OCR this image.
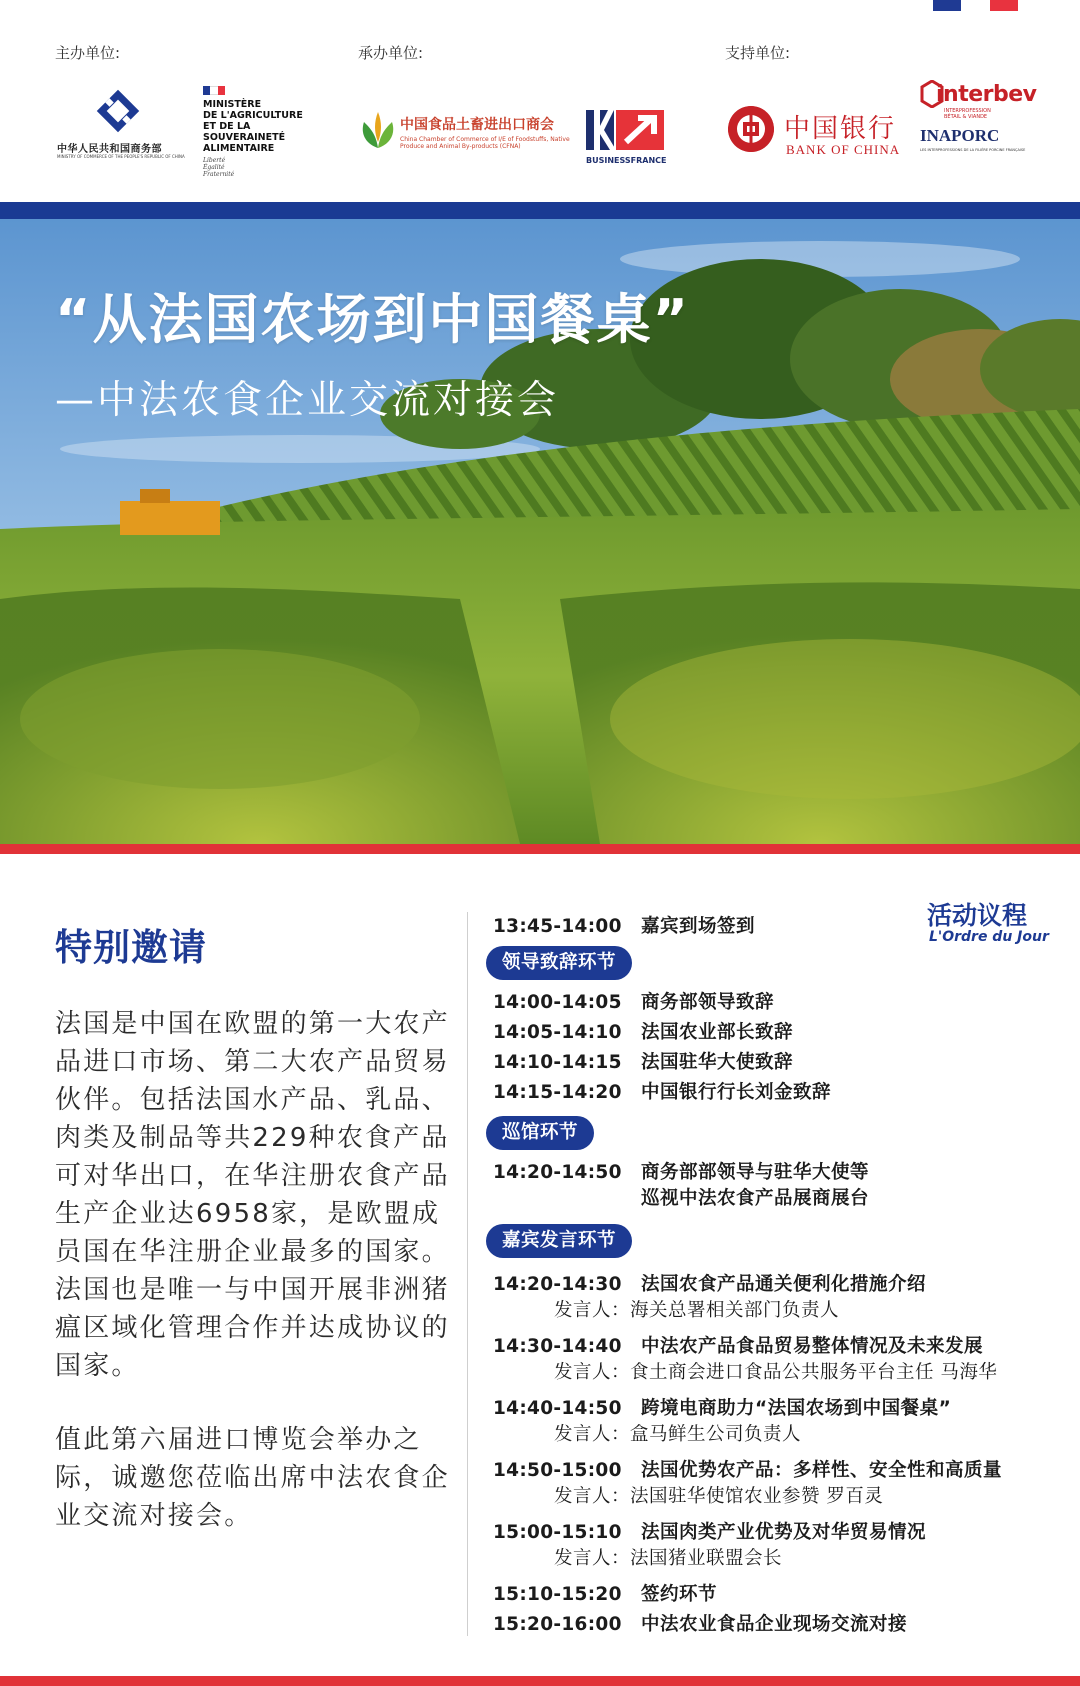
主办单位:	承办单位:	支持单位:
中华人民共和国商务部
MINISTRY OF COMMERCE OF THE PEOPLE'S REPUBLIC OF CHINA
MINISTÈRE
DE L'AGRICULTURE
ET DE LA SOUVERAINETÉ
ALIMENTAIRE
Liberté
Égalité
Fraternité
中国食品土畜进出口商会
China Chamber of Commerce of I/E of Foodstuffs, Native Produce and Animal By-products (CFNA)
BUSINESSFRANCE
中国银行
BANK OF CHINA
interbev
INTERPROFESSION
BÉTAIL & VIANDE
INAPORC
LES INTERPROFESSIONS DE LA FILIÈRE PORCINE FRANÇAISE
“从法国农场到中国餐桌”
—中法农食企业交流对接会
特别邀请

法国是中国在欧盟的第一大农产品进口市场、第二大农产品贸易伙伴。包括法国水产品、乳品、肉类及制品等共229种农食产品可对华出口，在华注册农食产品生产企业达6958家，是欧盟成员国在华注册企业最多的国家。法国也是唯一与中国开展非洲猪瘟区域化管理合作并达成协议的国家。

值此第六届进口博览会举办之际，诚邀您莅临出席中法农食企业交流对接会。

活动议程
L'Ordre du Jour
13:45-14:00 嘉宾到场签到
领导致辞环节
14:00-14:05 商务部领导致辞
14:05-14:10 法国农业部长致辞
14:10-14:15 法国驻华大使致辞
14:15-14:20 中国银行行长刘金致辞
巡馆环节
14:20-14:50 商务部部领导与驻华大使等
巡视中法农食产品展商展台
嘉宾发言环节
14:20-14:30 法国农食产品通关便利化措施介绍
发言人：海关总署相关部门负责人
14:30-14:40 中法农产品食品贸易整体情况及未来发展
发言人：食土商会进口食品公共服务平台主任 马海华
14:40-14:50 跨境电商助力“法国农场到中国餐桌”
发言人：盒马鲜生公司负责人
14:50-15:00 法国优势农产品：多样性、安全性和高质量
发言人：法国驻华使馆农业参赞 罗百灵
15:00-15:10 法国肉类产业优势及对华贸易情况
发言人：法国猪业联盟会长
15:10-15:20 签约环节
15:20-16:00 中法农业食品企业现场交流对接
